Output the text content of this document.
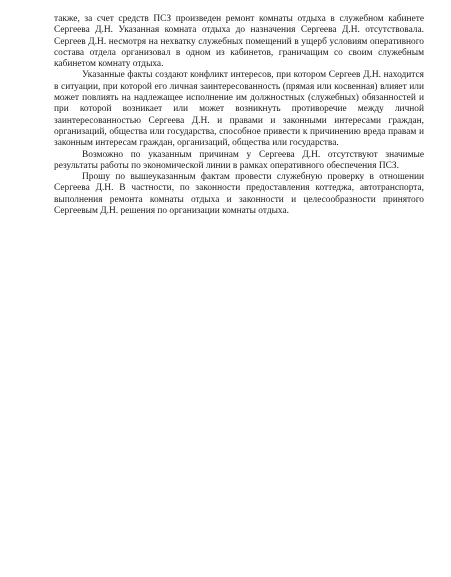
также, за счет средств ПСЗ произведен ремонт комнаты отдыха в служебном кабинете Сергеева Д.Н. Указанная комната отдыха до назначения Сергеева Д.Н. отсутствовала. Сергеев Д.Н. несмотря на нехватку служебных помещений в ущерб условиям оперативного состава отдела организовал в одном из кабинетов, граничащим со своим служебным кабинетом комнату отдыха.

Указанные факты создают конфликт интересов, при котором Сергеев Д.Н. находится в ситуации, при которой его личная заинтересованность (прямая или косвенная) влияет или может повлиять на надлежащее исполнение им должностных (служебных) обязанностей и при которой возникает или может возникнуть противоречие между личной заинтересованностью Сергеева Д.Н. и правами и законными интересами граждан, организаций, общества или государства, способное привести к причинению вреда правам и законным интересам граждан, организаций, общества или государства.

Возможно по указанным причинам у Сергеева Д.Н. отсутствуют значимые результаты работы по экономической линии в рамках оперативного обеспечения ПСЗ.

Прошу по вышеуказанным фактам провести служебную проверку в отношении Сергеева Д.Н. В частности, по законности предоставления коттеджа, автотранспорта, выполнения ремонта комнаты отдыха и законности и целесообразности принятого Сергеевым Д.Н. решения по организации комнаты отдыха.
